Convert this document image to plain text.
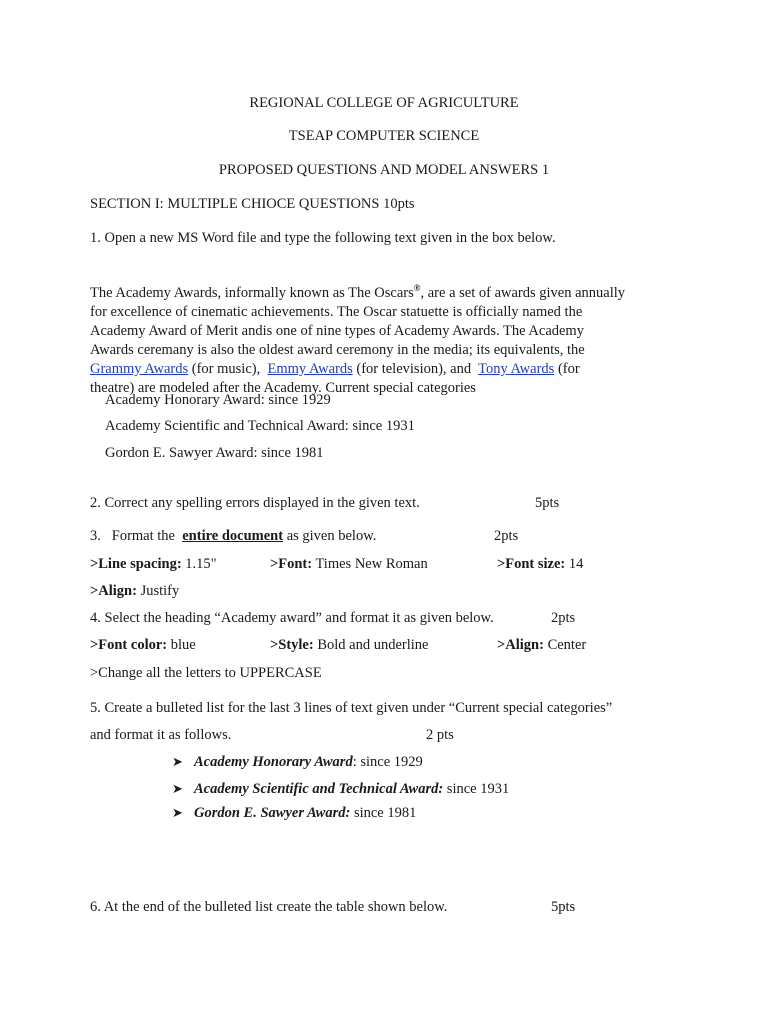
REGIONAL COLLEGE OF AGRICULTURE
TSEAP COMPUTER SCIENCE
PROPOSED QUESTIONS AND MODEL ANSWERS 1
SECTION I: MULTIPLE CHIOCE QUESTIONS 10pts
1. Open a new MS Word file and type the following text given in the box below.
The Academy Awards, informally known as The Oscars®, are a set of awards given annually
for excellence of cinematic achievements. The Oscar statuette is officially named the
Academy Award of Merit andis one of nine types of Academy Awards. The Academy
Awards ceremany is also the oldest award ceremony in the media; its equivalents, the
Grammy Awards (for music),  Emmy Awards (for television), and  Tony Awards (for
theatre) are modeled after the Academy. Current special categories
Academy Honorary Award: since 1929
Academy Scientific and Technical Award: since 1931
Gordon E. Sawyer Award: since 1981
2. Correct any spelling errors displayed in the given text.	5pts
3.   Format the  entire document as given below.	2pts
>Line spacing: 1.15"	>Font: Times New Roman	>Font size: 14
>Align: Justify
4. Select the heading “Academy award” and format it as given below.	2pts
>Font color: blue	>Style: Bold and underline	>Align: Center
>Change all the letters to UPPERCASE
5. Create a bulleted list for the last 3 lines of text given under “Current special categories”
and format it as follows.	2 pts
➤ Academy Honorary Award: since 1929
➤ Academy Scientific and Technical Award: since 1931
➤ Gordon E. Sawyer Award: since 1981
6. At the end of the bulleted list create the table shown below.	5pts
